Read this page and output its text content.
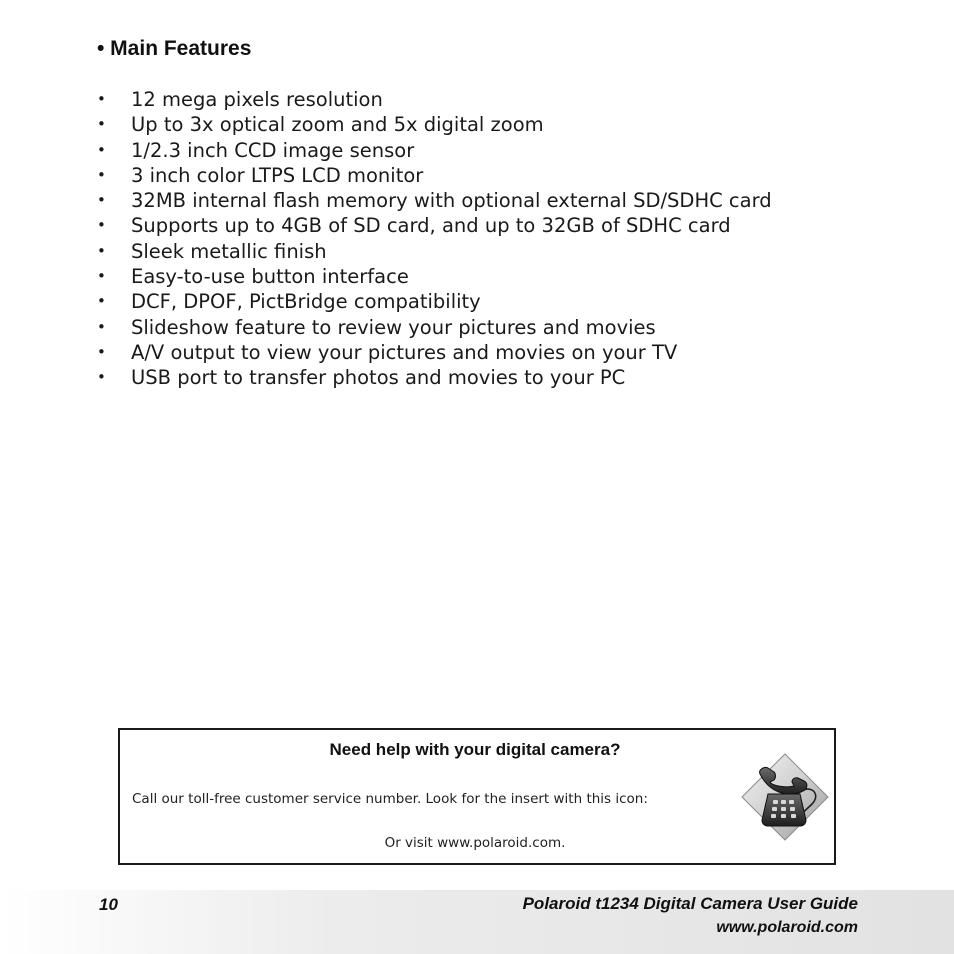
• Main Features
• 12 mega pixels resolution
• Up to 3x optical zoom and 5x digital zoom
• 1/2.3 inch CCD image sensor
• 3 inch color LTPS LCD monitor
• 32MB internal flash memory with optional external SD/SDHC card
• Supports up to 4GB of SD card, and up to 32GB of SDHC card
• Sleek metallic finish
• Easy-to-use button interface
• DCF, DPOF, PictBridge compatibility
• Slideshow feature to review your pictures and movies
• A/V output to view your pictures and movies on your TV
• USB port to transfer photos and movies to your PC
Need help with your digital camera?
Call our toll-free customer service number. Look for the insert with this icon:
Or visit www.polaroid.com.
10	Polaroid t1234 Digital Camera User Guide
www.polaroid.com
